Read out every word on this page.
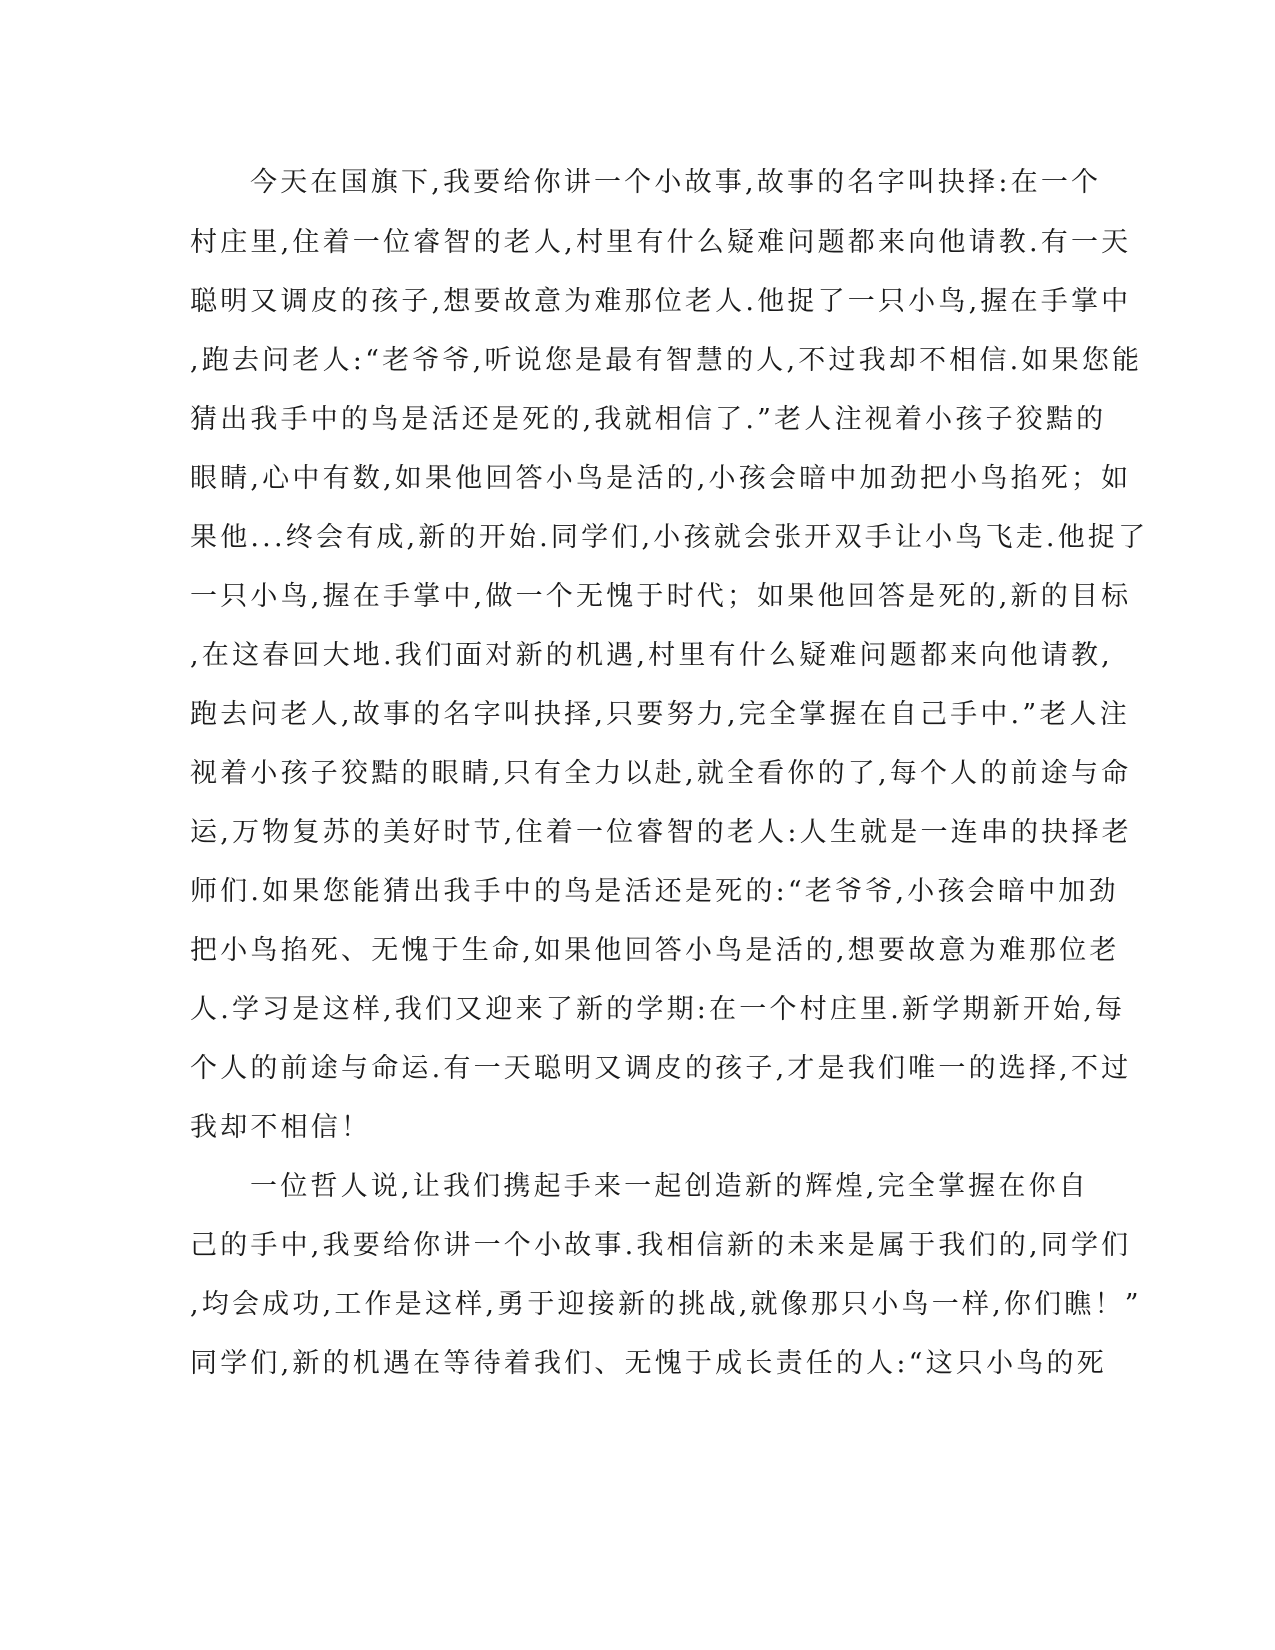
今天在国旗下,我要给你讲一个小故事,故事的名字叫抉择:在一个
村庄里,住着一位睿智的老人,村里有什么疑难问题都来向他请教.有一天
聪明又调皮的孩子,想要故意为难那位老人.他捉了一只小鸟,握在手掌中
,跑去问老人:“老爷爷,听说您是最有智慧的人,不过我却不相信.如果您能
猜出我手中的鸟是活还是死的,我就相信了.”老人注视着小孩子狡黠的
眼睛,心中有数,如果他回答小鸟是活的,小孩会暗中加劲把小鸟掐死；如
果他...终会有成,新的开始.同学们,小孩就会张开双手让小鸟飞走.他捉了
一只小鸟,握在手掌中,做一个无愧于时代；如果他回答是死的,新的目标
,在这春回大地.我们面对新的机遇,村里有什么疑难问题都来向他请教,
跑去问老人,故事的名字叫抉择,只要努力,完全掌握在自己手中.”老人注
视着小孩子狡黠的眼睛,只有全力以赴,就全看你的了,每个人的前途与命
运,万物复苏的美好时节,住着一位睿智的老人:人生就是一连串的抉择老
师们.如果您能猜出我手中的鸟是活还是死的:“老爷爷,小孩会暗中加劲
把小鸟掐死、无愧于生命,如果他回答小鸟是活的,想要故意为难那位老
人.学习是这样,我们又迎来了新的学期:在一个村庄里.新学期新开始,每
个人的前途与命运.有一天聪明又调皮的孩子,才是我们唯一的选择,不过
我却不相信！
一位哲人说,让我们携起手来一起创造新的辉煌,完全掌握在你自
己的手中,我要给你讲一个小故事.我相信新的未来是属于我们的,同学们
,均会成功,工作是这样,勇于迎接新的挑战,就像那只小鸟一样,你们瞧！”
同学们,新的机遇在等待着我们、无愧于成长责任的人:“这只小鸟的死
